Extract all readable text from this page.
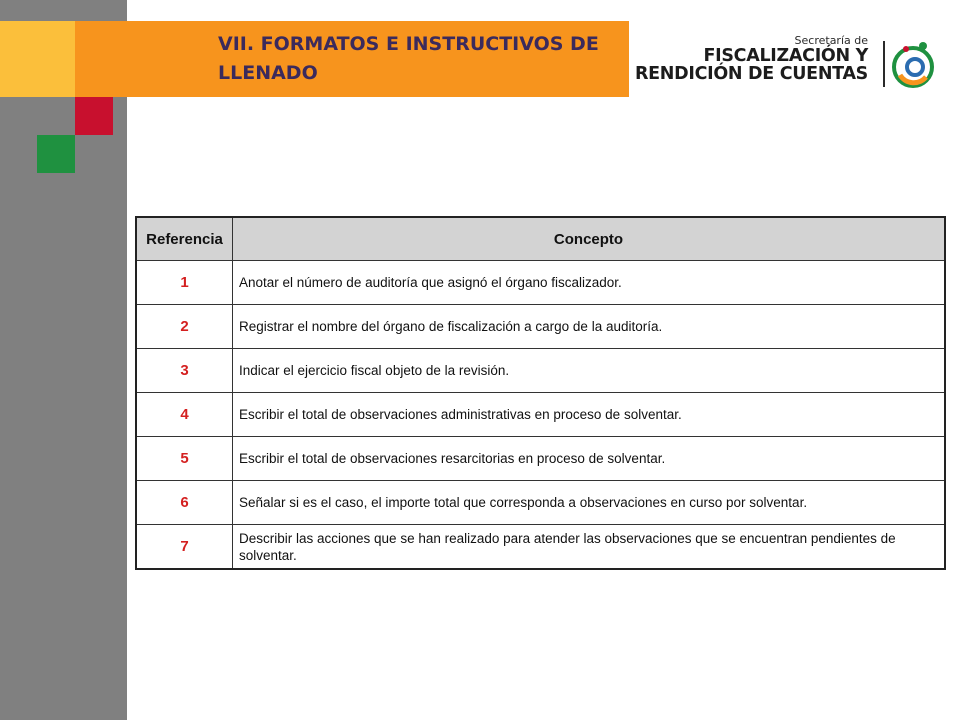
VII. FORMATOS E INSTRUCTIVOS DE LLENADO
Secretaría de
FISCALIZACIÓN Y
RENDICIÓN DE CUENTAS
Referencia	Concepto
1	Anotar el número de auditoría que asignó el órgano fiscalizador.
2	Registrar el nombre del órgano de fiscalización a cargo de la auditoría.
3	Indicar el ejercicio fiscal objeto de la revisión.
4	Escribir el total de observaciones administrativas en proceso de solventar.
5	Escribir el total de observaciones resarcitorias en proceso de solventar.
6	Señalar si es el caso, el importe total que corresponda a observaciones en curso por solventar.
7	Describir las acciones que se han realizado para atender las observaciones que se encuentran pendientes de solventar.
